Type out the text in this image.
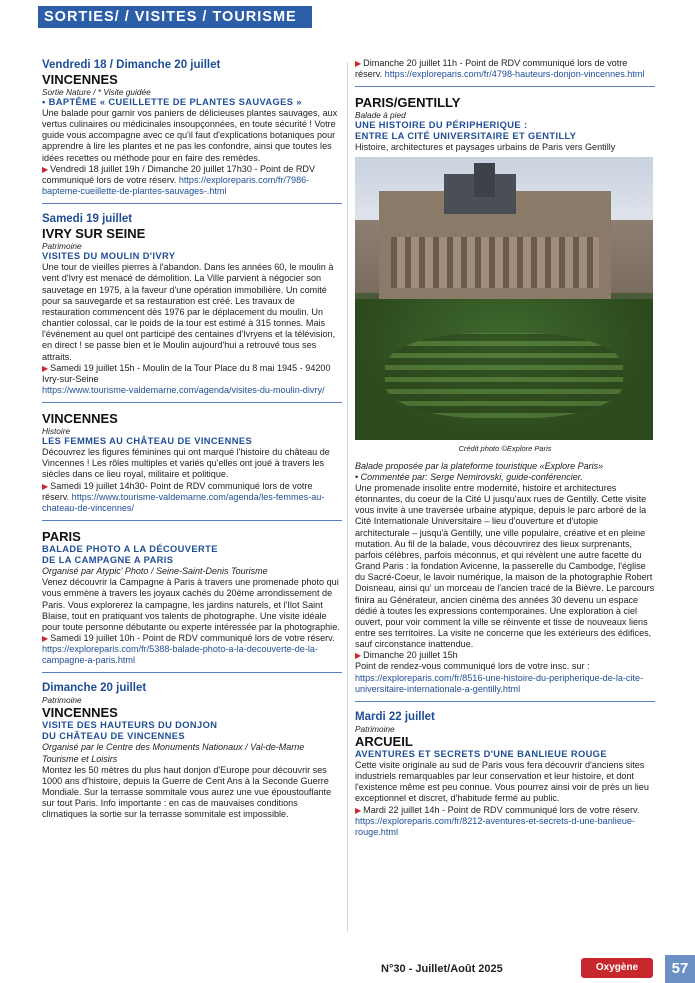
SORTIES/ / VISITES / TOURISME
Vendredi 18 / Dimanche 20 juillet
VINCENNES
Sortie Nature / * Visite guidée
• BAPTÊME « CUEILLETTE DE PLANTES SAUVAGES »

Une balade pour garnir vos paniers de délicieuses plantes sauvages, aux vertus culinaires ou médicinales insoupçonnées, en toute sécurité ! Votre guide vous accompagne avec ce qu'il faut d'explications botaniques pour apprendre à lire les plantes et ne pas les confondre, ainsi que toutes les idées recettes ou méthode pour en faire des remèdes.

▶ Vendredi 18 juillet 19h / Dimanche 20 juillet 17h30 - Point de RDV communiqué lors de votre réserv. https://exploreparis.com/fr/7986-bapteme-cueillette-de-plantes-sauvages-.html
Samedi 19 juillet
IVRY SUR SEINE
Patrimoine
VISITES DU MOULIN D'IVRY

Une tour de vieilles pierres à l'abandon. Dans les années 60, le moulin à vent d'Ivry est menacé de démolition. La Ville parvient à négocier son sauvetage en 1975, à la faveur d'une opération immobilière. Un comité pour sa sauvegarde et sa restauration est créé. Les travaux de restauration commencent dès 1976 par le déplacement du moulin. Un chantier colossal, car le poids de la tour est estimé à 315 tonnes. Mais l'événement au quel ont participé des centaines d'Ivryens et la télévision, en direct ! se passe bien et le Moulin aujourd'hui a retrouvé tous ses attraits.

▶ Samedi 19 juillet 15h - Moulin de la Tour Place du 8 mai 1945 - 94200 Ivry-sur-Seine
https://www.tourisme-valdemarne.com/agenda/visites-du-moulin-divry/
VINCENNES
Histoire
LES FEMMES AU CHÂTEAU DE VINCENNES

Découvrez les figures féminines qui ont marqué l'histoire du château de Vincennes ! Les rôles multiples et variés qu'elles ont joué à travers les siècles dans ce lieu royal, militaire et politique.

▶ Samedi 19 juillet 14h30- Point de RDV communiqué lors de votre réserv. https://www.tourisme-valdemarne.com/agenda/les-femmes-au-chateau-de-vincennes/
PARIS
BALADE PHOTO A LA DÉCOUVERTE
DE LA CAMPAGNE A PARIS
Organisé par Atypic' Photo / Seine-Saint-Denis Tourisme

Venez découvrir la Campagne à Paris à travers une promenade photo qui vous emmène à travers les joyaux cachés du 20ème arrondissement de Paris. Vous explorerez la campagne, les jardins naturels, et l'Ilot Saint Blaise, tout en pratiquant vos talents de photographe. Une visite idéale pour toute personne débutante ou experte intéressée par la photographie.

▶ Samedi 19 juillet 10h - Point de RDV communiqué lors de votre réserv. https://exploreparis.com/fr/5388-balade-photo-a-la-decouverte-de-la-campagne-a-paris.html
Dimanche 20 juillet
Patrimoine
VINCENNES
VISITE DES HAUTEURS DU DONJON
DU CHÂTEAU DE VINCENNES
Organisé par le Centre des Monuments Nationaux / Val-de-Marne Tourisme et Loisirs

Montez les 50 mètres du plus haut donjon d'Europe pour découvrir ses 1000 ans d'histoire, depuis la Guerre de Cent Ans à la Seconde Guerre Mondiale. Sur la terrasse sommitale vous aurez une vue époustouflante sur tout Paris. Info importante : en cas de mauvaises conditions climatiques la sortie sur la terrasse sommitale est impossible.

▶ Dimanche 20 juillet 11h - Point de RDV communiqué lors de votre réserv. https://exploreparis.com/fr/4798-hauteurs-donjon-vincennes.html
PARIS/GENTILLY
Balade à pied
UNE HISTOIRE DU PÉRIPHERIQUE :
ENTRE LA CITÉ UNIVERSITAIRE ET GENTILLY
Histoire, architectures et paysages urbains de Paris vers Gentilly
Crédit photo ©Explore Paris
Balade proposée par la plateforme touristique «Explore Paris»
• Commentée par: Serge Nemirovski, guide-conférencier.

Une promenade insolite entre modernité, histoire et architectures étonnantes, du coeur de la Cité U jusqu'aux rues de Gentilly. Cette visite vous invite à une traversée urbaine atypique, depuis le parc arboré de la Cité Internationale Universitaire – lieu d'ouverture et d'utopie architecturale – jusqu'à Gentilly, une ville populaire, créative et en pleine mutation. Au fil de la balade, vous découvrirez des lieux surprenants, parfois célèbres, parfois méconnus, et qui révèlent une autre facette du Grand Paris : la fondation Avicenne, la passerelle du Cambodge, l'église du Sacré-Coeur, le lavoir numérique, la maison de la photographie Robert Doisneau, ainsi qu' un morceau de l'ancien tracé de la Bièvre. Le parcours finira au Générateur, ancien cinéma des années 30 devenu un espace dédié à toutes les expressions contemporaines. Une exploration à ciel ouvert, pour voir comment la ville se réinvente et tisse de nouveaux liens entre ses territoires. La visite ne concerne que les extérieurs des édifices, sauf circonstance inattendue.

▶ Dimanche 20 juillet 15h
Point de rendez-vous communiqué lors de votre insc. sur : https://exploreparis.com/fr/8516-une-histoire-du-peripherique-de-la-cite-universitaire-internationale-a-gentilly.html
Mardi 22 juillet
Patrimoine
ARCUEIL
AVENTURES ET SECRETS D'UNE BANLIEUE ROUGE

Cette visite originale au sud de Paris vous fera découvrir d'anciens sites industriels remarquables par leur conservation et leur histoire, et dont l'existence même est peu connue. Vous pourrez ainsi voir de près un lieu exceptionnel et discret, d'habitude fermé au public.

▶ Mardi 22 juillet 14h - Point de RDV communiqué lors de votre réserv.
https://exploreparis.com/fr/8212-aventures-et-secrets-d-une-banlieue-rouge.html
N°30 - Juillet/Août 2025	Oxygène	57
